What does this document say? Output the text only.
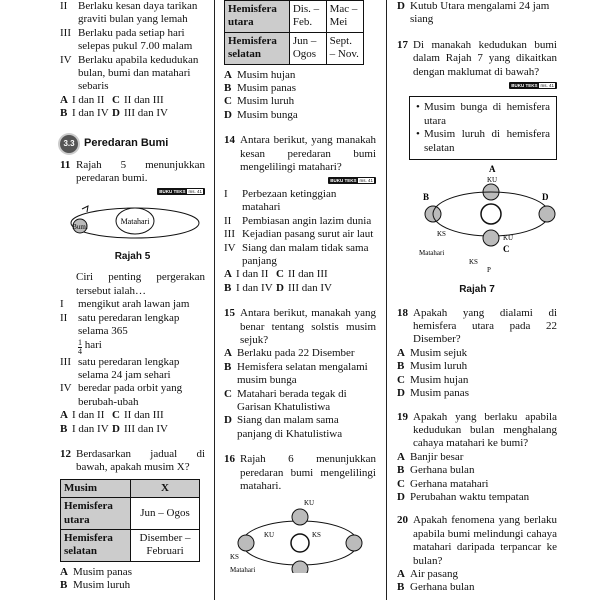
II Berlaku kesan daya tarikan graviti bulan yang lemah
III Berlaku pada setiap hari selepas pukul 7.00 malam
IV Berlaku apabila kedudukan bulan, bumi dan matahari sebaris
A I dan II C II dan III
B I dan IV D III dan IV
3.3 Peredaran Bumi
11 Rajah 5 menunjukkan peredaran bumi.
BUKU TEKS ms. 41
Matahari
Bumi
Rajah 5
Ciri penting pergerakan tersebut ialah…
I	mengikut arah lawan jam
II satu peredaran lengkap selama 365
$\frac{1}{4}$
hari
III satu peredaran lengkap selama 24 jam sehari
IV beredar pada orbit yang berubah-ubah
A I dan II C II dan III
B I dan IV D III dan IV
12 Berdasarkan jadual di bawah, apakah musim X?
Musim	X
Hemisfera utara	Jun – Ogos
Hemisfera selatan	Disember – Februari
A Musim panas
B Musim luruh
Hemisfera utara	Dis. – Feb.	Mac – Mei
Hemisfera selatan	Jun – Ogos	Sept. – Nov.
A Musim hujan
B Musim panas
C Musim luruh
D Musim bunga
14 Antara berikut, yang manakah kesan peredaran bumi mengelilingi matahari?
BUKU TEKS ms. 41
I	Perbezaan ketinggian matahari
II Pembiasan angin lazim dunia
III Kejadian pasang surut air laut
IV Siang dan malam tidak sama panjang
A I dan II C II dan III
B I dan IV D III dan IV
15 Antara berikut, manakah yang benar tentang solstis musim sejuk?
A Berlaku pada 22 Disember
B Hemisfera selatan mengalami musim bunga
C Matahari berada tegak di Garisan Khatulistiwa
D Siang dan malam sama panjang di Khatulistiwa
16 Rajah 6 menunjukkan peredaran bumi mengelilingi matahari.
KU
KU	KS
KS
Matahari
D Kutub Utara mengalami 24 jam siang
17 Di manakah kedudukan bumi dalam Rajah 7 yang dikaitkan dengan maklumat di bawah?
BUKU TEKS ms. 41
• Musim bunga di hemisfera utara
• Musim luruh di hemisfera selatan
A
KU
B	D
C
KS	KU
KS
P
Matahari
Rajah 7
18 Apakah yang dialami di hemisfera utara pada 22 Disember?
A Musim sejuk
B Musim luruh
C Musim hujan
D Musim panas
19 Apakah yang berlaku apabila kedudukan bulan menghalang cahaya matahari ke bumi?
A Banjir besar
B Gerhana bulan
C Gerhana matahari
D Perubahan waktu tempatan
20 Apakah fenomena yang berlaku apabila bumi melindungi cahaya matahari daripada terpancar ke bulan?
A Air pasang
B Gerhana bulan
